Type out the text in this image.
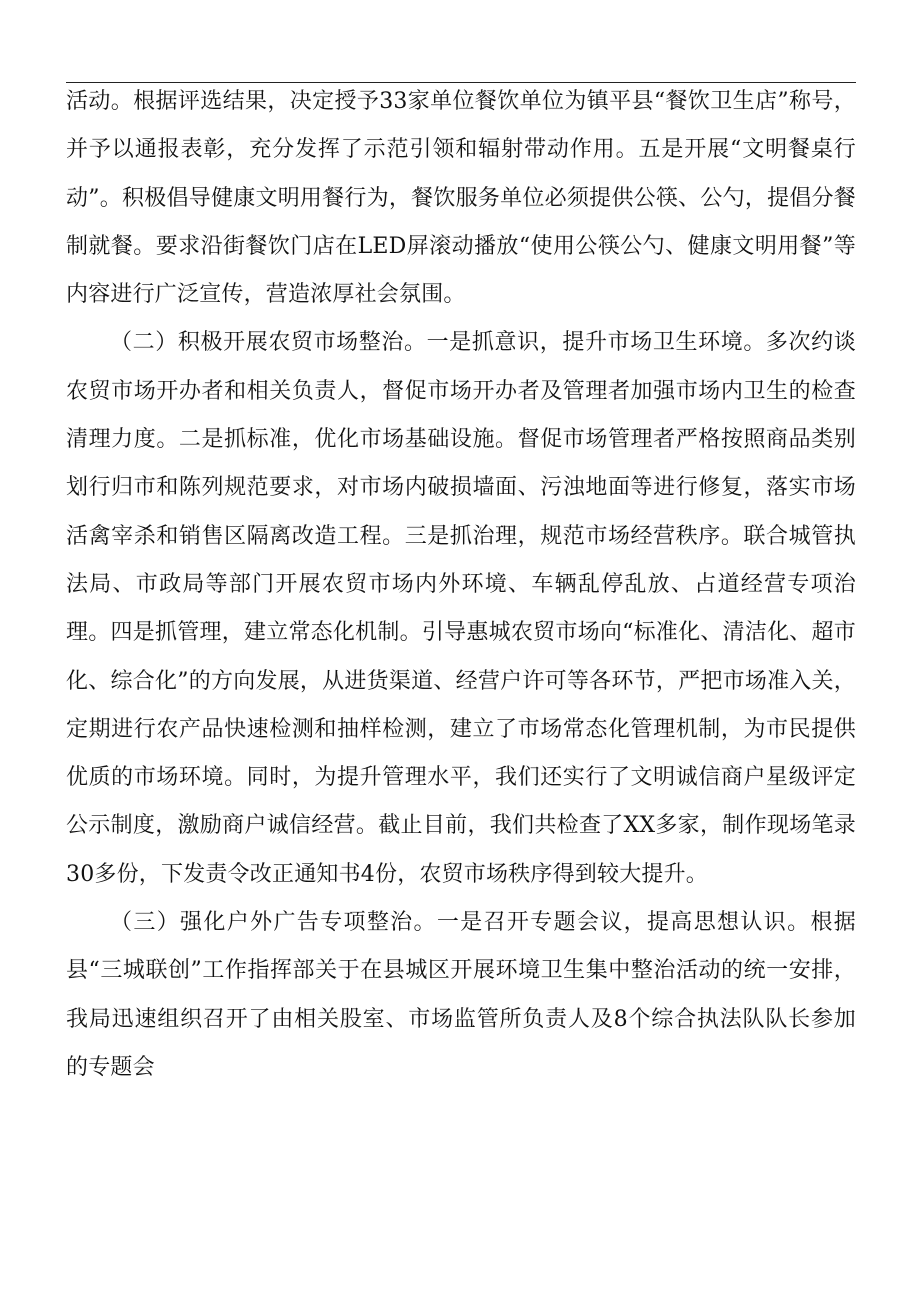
活动。根据评选结果，决定授予33家单位餐饮单位为镇平县“餐饮卫生店”称号，并予以通报表彰，充分发挥了示范引领和辐射带动作用。五是开展“文明餐桌行动”。积极倡导健康文明用餐行为，餐饮服务单位必须提供公筷、公勺，提倡分餐制就餐。要求沿街餐饮门店在LED屏滚动播放“使用公筷公勺、健康文明用餐”等内容进行广泛宣传，营造浓厚社会氛围。

（二）积极开展农贸市场整治。一是抓意识，提升市场卫生环境。多次约谈农贸市场开办者和相关负责人，督促市场开办者及管理者加强市场内卫生的检查清理力度。二是抓标准，优化市场基础设施。督促市场管理者严格按照商品类别划行归市和陈列规范要求，对市场内破损墙面、污浊地面等进行修复，落实市场活禽宰杀和销售区隔离改造工程。三是抓治理，规范市场经营秩序。联合城管执法局、市政局等部门开展农贸市场内外环境、车辆乱停乱放、占道经营专项治理。四是抓管理，建立常态化机制。引导惠城农贸市场向“标准化、清洁化、超市化、综合化”的方向发展，从进货渠道、经营户许可等各环节，严把市场准入关，定期进行农产品快速检测和抽样检测，建立了市场常态化管理机制，为市民提供优质的市场环境。同时，为提升管理水平，我们还实行了文明诚信商户星级评定公示制度，激励商户诚信经营。截止目前，我们共检查了XX多家，制作现场笔录30多份，下发责令改正通知书4份，农贸市场秩序得到较大提升。

（三）强化户外广告专项整治。一是召开专题会议，提高思想认识。根据县“三城联创”工作指挥部关于在县城区开展环境卫生集中整治活动的统一安排，我局迅速组织召开了由相关股室、市场监管所负责人及8个综合执法队队长参加的专题会
